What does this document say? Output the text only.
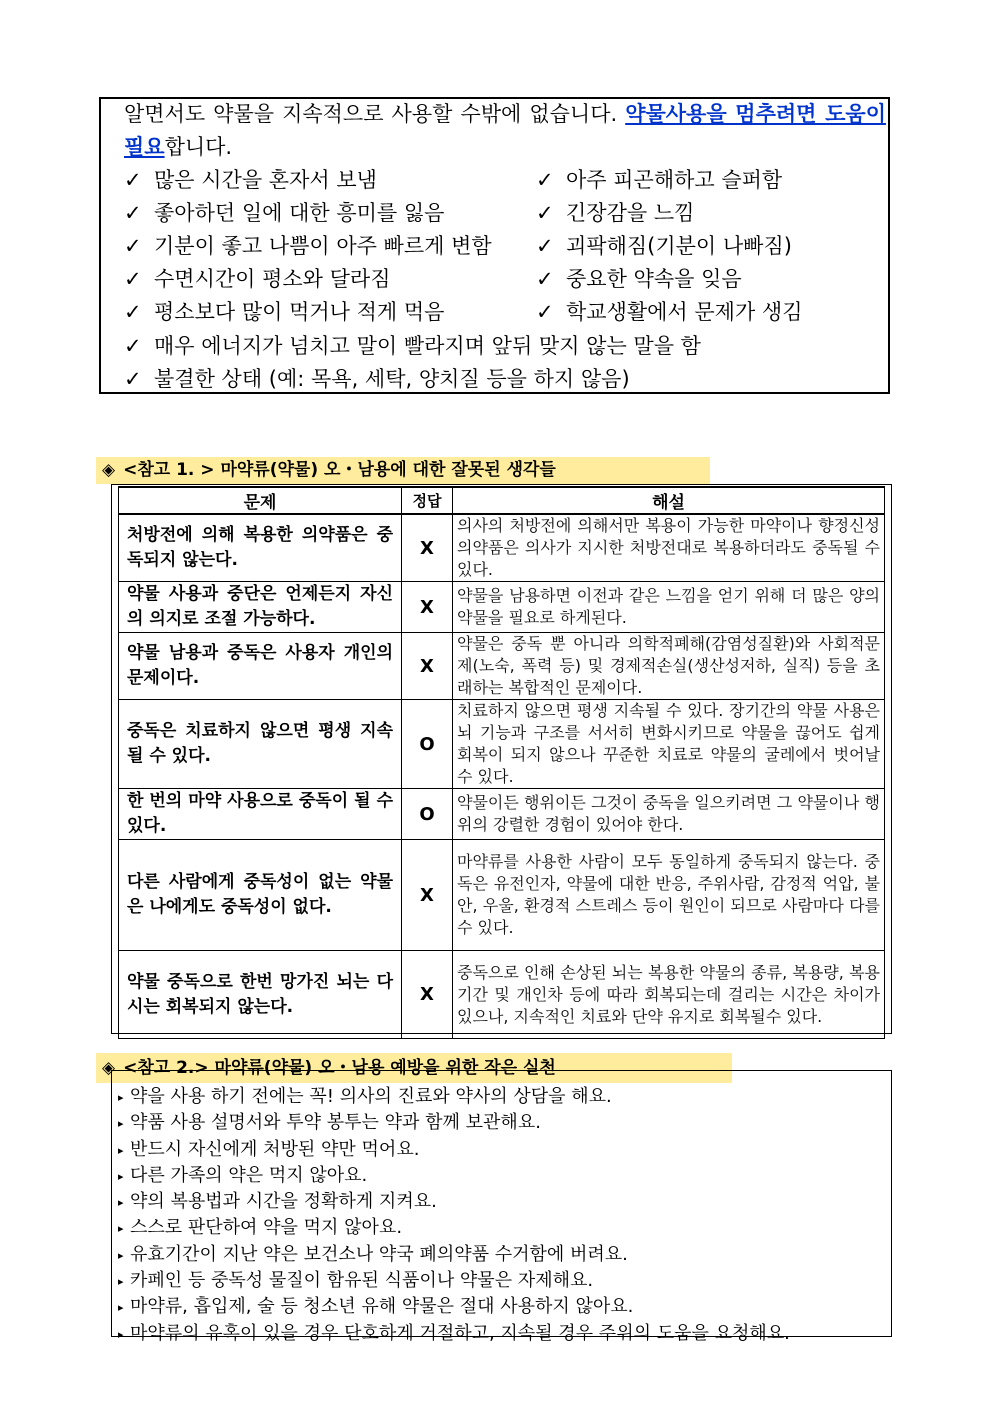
알면서도 약물을 지속적으로 사용할 수밖에 없습니다. 약물사용을 멈추려면 도움이 필요합니다.
✓ 많은 시간을 혼자서 보냄
✓ 좋아하던 일에 대한 흥미를 잃음
✓ 기분이 좋고 나쁨이 아주 빠르게 변함
✓ 수면시간이 평소와 달라짐
✓ 평소보다 많이 먹거나 적게 먹음
✓ 아주 피곤해하고 슬퍼함
✓ 긴장감을 느낌
✓ 괴팍해짐(기분이 나빠짐)
✓ 중요한 약속을 잊음
✓ 학교생활에서 문제가 생김
✓ 매우 에너지가 넘치고 말이 빨라지며 앞뒤 맞지 않는 말을 함
✓ 불결한 상태 (예: 목욕, 세탁, 양치질 등을 하지 않음)
◈ <참고 1. > 마약류(약물) 오・남용에 대한 잘못된 생각들
문제	정답	해설
처방전에 의해 복용한 의약품은 중독되지 않는다.	X	의사의 처방전에 의해서만 복용이 가능한 마약이나 향정신성의약품은 의사가 지시한 처방전대로 복용하더라도 중독될 수 있다.
약물 사용과 중단은 언제든지 자신의 의지로 조절 가능하다.	X	약물을 남용하면 이전과 같은 느낌을 얻기 위해 더 많은 양의 약물을 필요로 하게된다.
약물 남용과 중독은 사용자 개인의 문제이다.	X	약물은 중독 뿐 아니라 의학적폐해(감염성질환)와 사회적문제(노숙, 폭력 등) 및 경제적손실(생산성저하, 실직) 등을 초래하는 복합적인 문제이다.
중독은 치료하지 않으면 평생 지속 될 수 있다.	O	치료하지 않으면 평생 지속될 수 있다. 장기간의 약물 사용은 뇌 기능과 구조를 서서히 변화시키므로 약물을 끊어도 쉽게 회복이 되지 않으나 꾸준한 치료로 약물의 굴레에서 벗어날 수 있다.
한 번의 마약 사용으로 중독이 될 수 있다.	O	약물이든 행위이든 그것이 중독을 일으키려면 그 약물이나 행위의 강렬한 경험이 있어야 한다.
다른 사람에게 중독성이 없는 약물은 나에게도 중독성이 없다.	X	마약류를 사용한 사람이 모두 동일하게 중독되지 않는다. 중독은 유전인자, 약물에 대한 반응, 주위사람, 감정적 억압, 불안, 우울, 환경적 스트레스 등이 원인이 되므로 사람마다 다를 수 있다.
약물 중독으로 한번 망가진 뇌는 다시는 회복되지 않는다.	X	중독으로 인해 손상된 뇌는 복용한 약물의 종류, 복용량, 복용기간 및 개인차 등에 따라 회복되는데 걸리는 시간은 차이가 있으나, 지속적인 치료와 단약 유지로 회복될수 있다.
◈ <참고 2.> 마약류(약물) 오・남용 예방을 위한 작은 실천
▸ 약을 사용 하기 전에는 꼭! 의사의 진료와 약사의 상담을 해요.
▸ 약품 사용 설명서와 투약 봉투는 약과 함께 보관해요.
▸ 반드시 자신에게 처방된 약만 먹어요.
▸ 다른 가족의 약은 먹지 않아요.
▸ 약의 복용법과 시간을 정확하게 지켜요.
▸ 스스로 판단하여 약을 먹지 않아요.
▸ 유효기간이 지난 약은 보건소나 약국 폐의약품 수거함에 버려요.
▸ 카페인 등 중독성 물질이 함유된 식품이나 약물은 자제해요.
▸ 마약류, 흡입제, 술 등 청소년 유해 약물은 절대 사용하지 않아요.
▸ 마약류의 유혹이 있을 경우 단호하게 거절하고, 지속될 경우 주위의 도움을 요청해요.
